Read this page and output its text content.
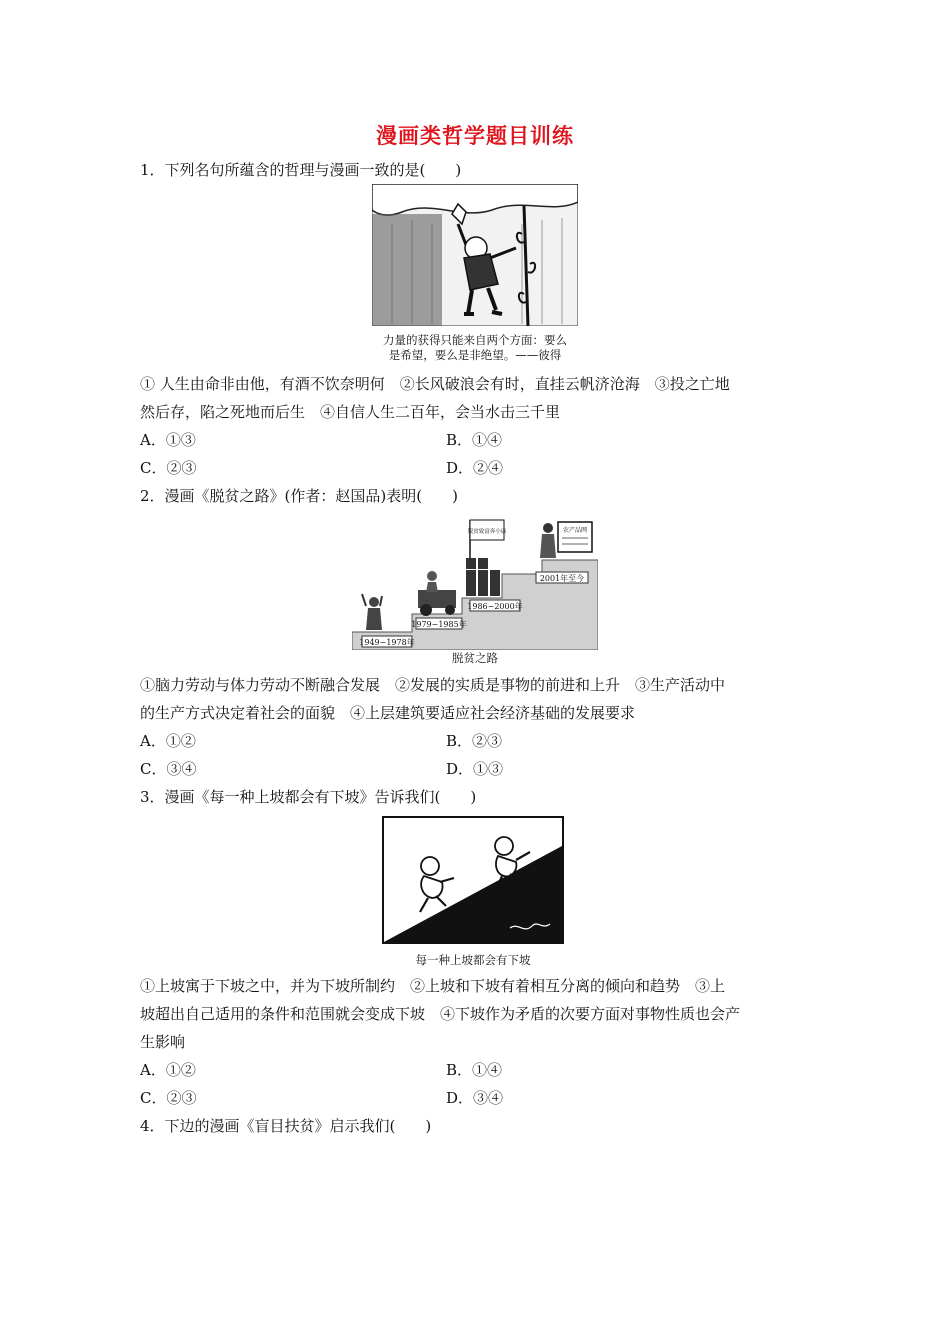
漫画类哲学题目训练
1．下列名句所蕴含的哲理与漫画一致的是(　　)
力量的获得只能来自两个方面：要么
是希望，要么是非绝望。——彼得
① 人生由命非由他，有酒不饮奈明何　②长风破浪会有时，直挂云帆济沧海　③投之亡地
然后存，陷之死地而后生　④自信人生二百年，会当水击三千里
A．①③	B．①④
C．②③	D．②④
2．漫画《脱贫之路》(作者：赵国品)表明(　　)
1949~1978年
1979~1985年
1986~2000年
2001年至今
脱贫致富奔小康	农产品网
脱贫之路
①脑力劳动与体力劳动不断融合发展　②发展的实质是事物的前进和上升　③生产活动中
的生产方式决定着社会的面貌　④上层建筑要适应社会经济基础的发展要求
A．①②	B．②③
C．③④	D．①③
3．漫画《每一种上坡都会有下坡》告诉我们(　　)
每一种上坡都会有下坡
①上坡寓于下坡之中，并为下坡所制约　②上坡和下坡有着相互分离的倾向和趋势　③上
坡超出自己适用的条件和范围就会变成下坡　④下坡作为矛盾的次要方面对事物性质也会产
生影响
A．①②	B．①④
C．②③	D．③④
4．下边的漫画《盲目扶贫》启示我们(　　)
